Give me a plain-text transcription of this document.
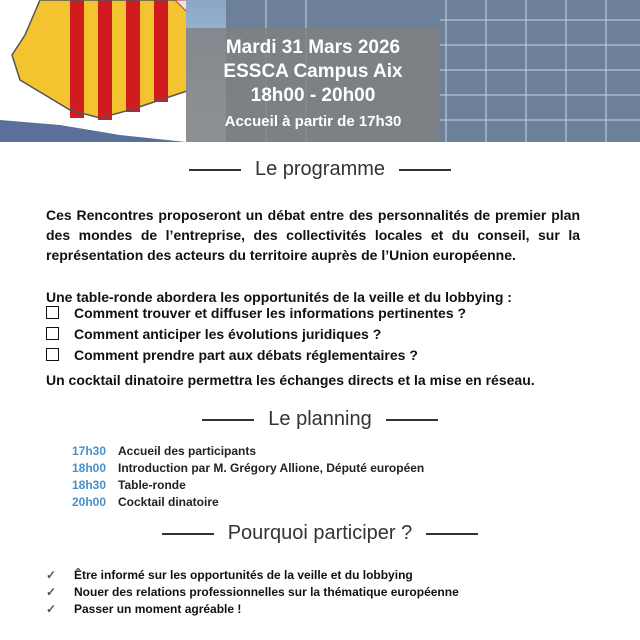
Mardi 31 Mars 2026
ESSCA Campus Aix
18h00 - 20h00
Accueil à partir de 17h30
Le programme
Ces Rencontres proposeront un débat entre des personnalités de premier plan des mondes de l’entreprise, des collectivités locales et du conseil, sur la représentation des acteurs du territoire auprès de l’Union européenne.
Une table-ronde abordera les opportunités de la veille et du lobbying :
Comment trouver et diffuser les informations pertinentes ?
Comment anticiper les évolutions juridiques ?
Comment prendre part aux débats réglementaires ?
Un cocktail dinatoire permettra les échanges directs et la mise en réseau.
Le planning
17h30 Accueil des participants
18h00 Introduction par M. Grégory Allione, Député européen
18h30 Table-ronde
20h00 Cocktail dinatoire
Pourquoi participer ?
✓	Être informé sur les opportunités de la veille et du lobbying
✓	Nouer des relations professionnelles sur la thématique européenne
✓	Passer un moment agréable !
